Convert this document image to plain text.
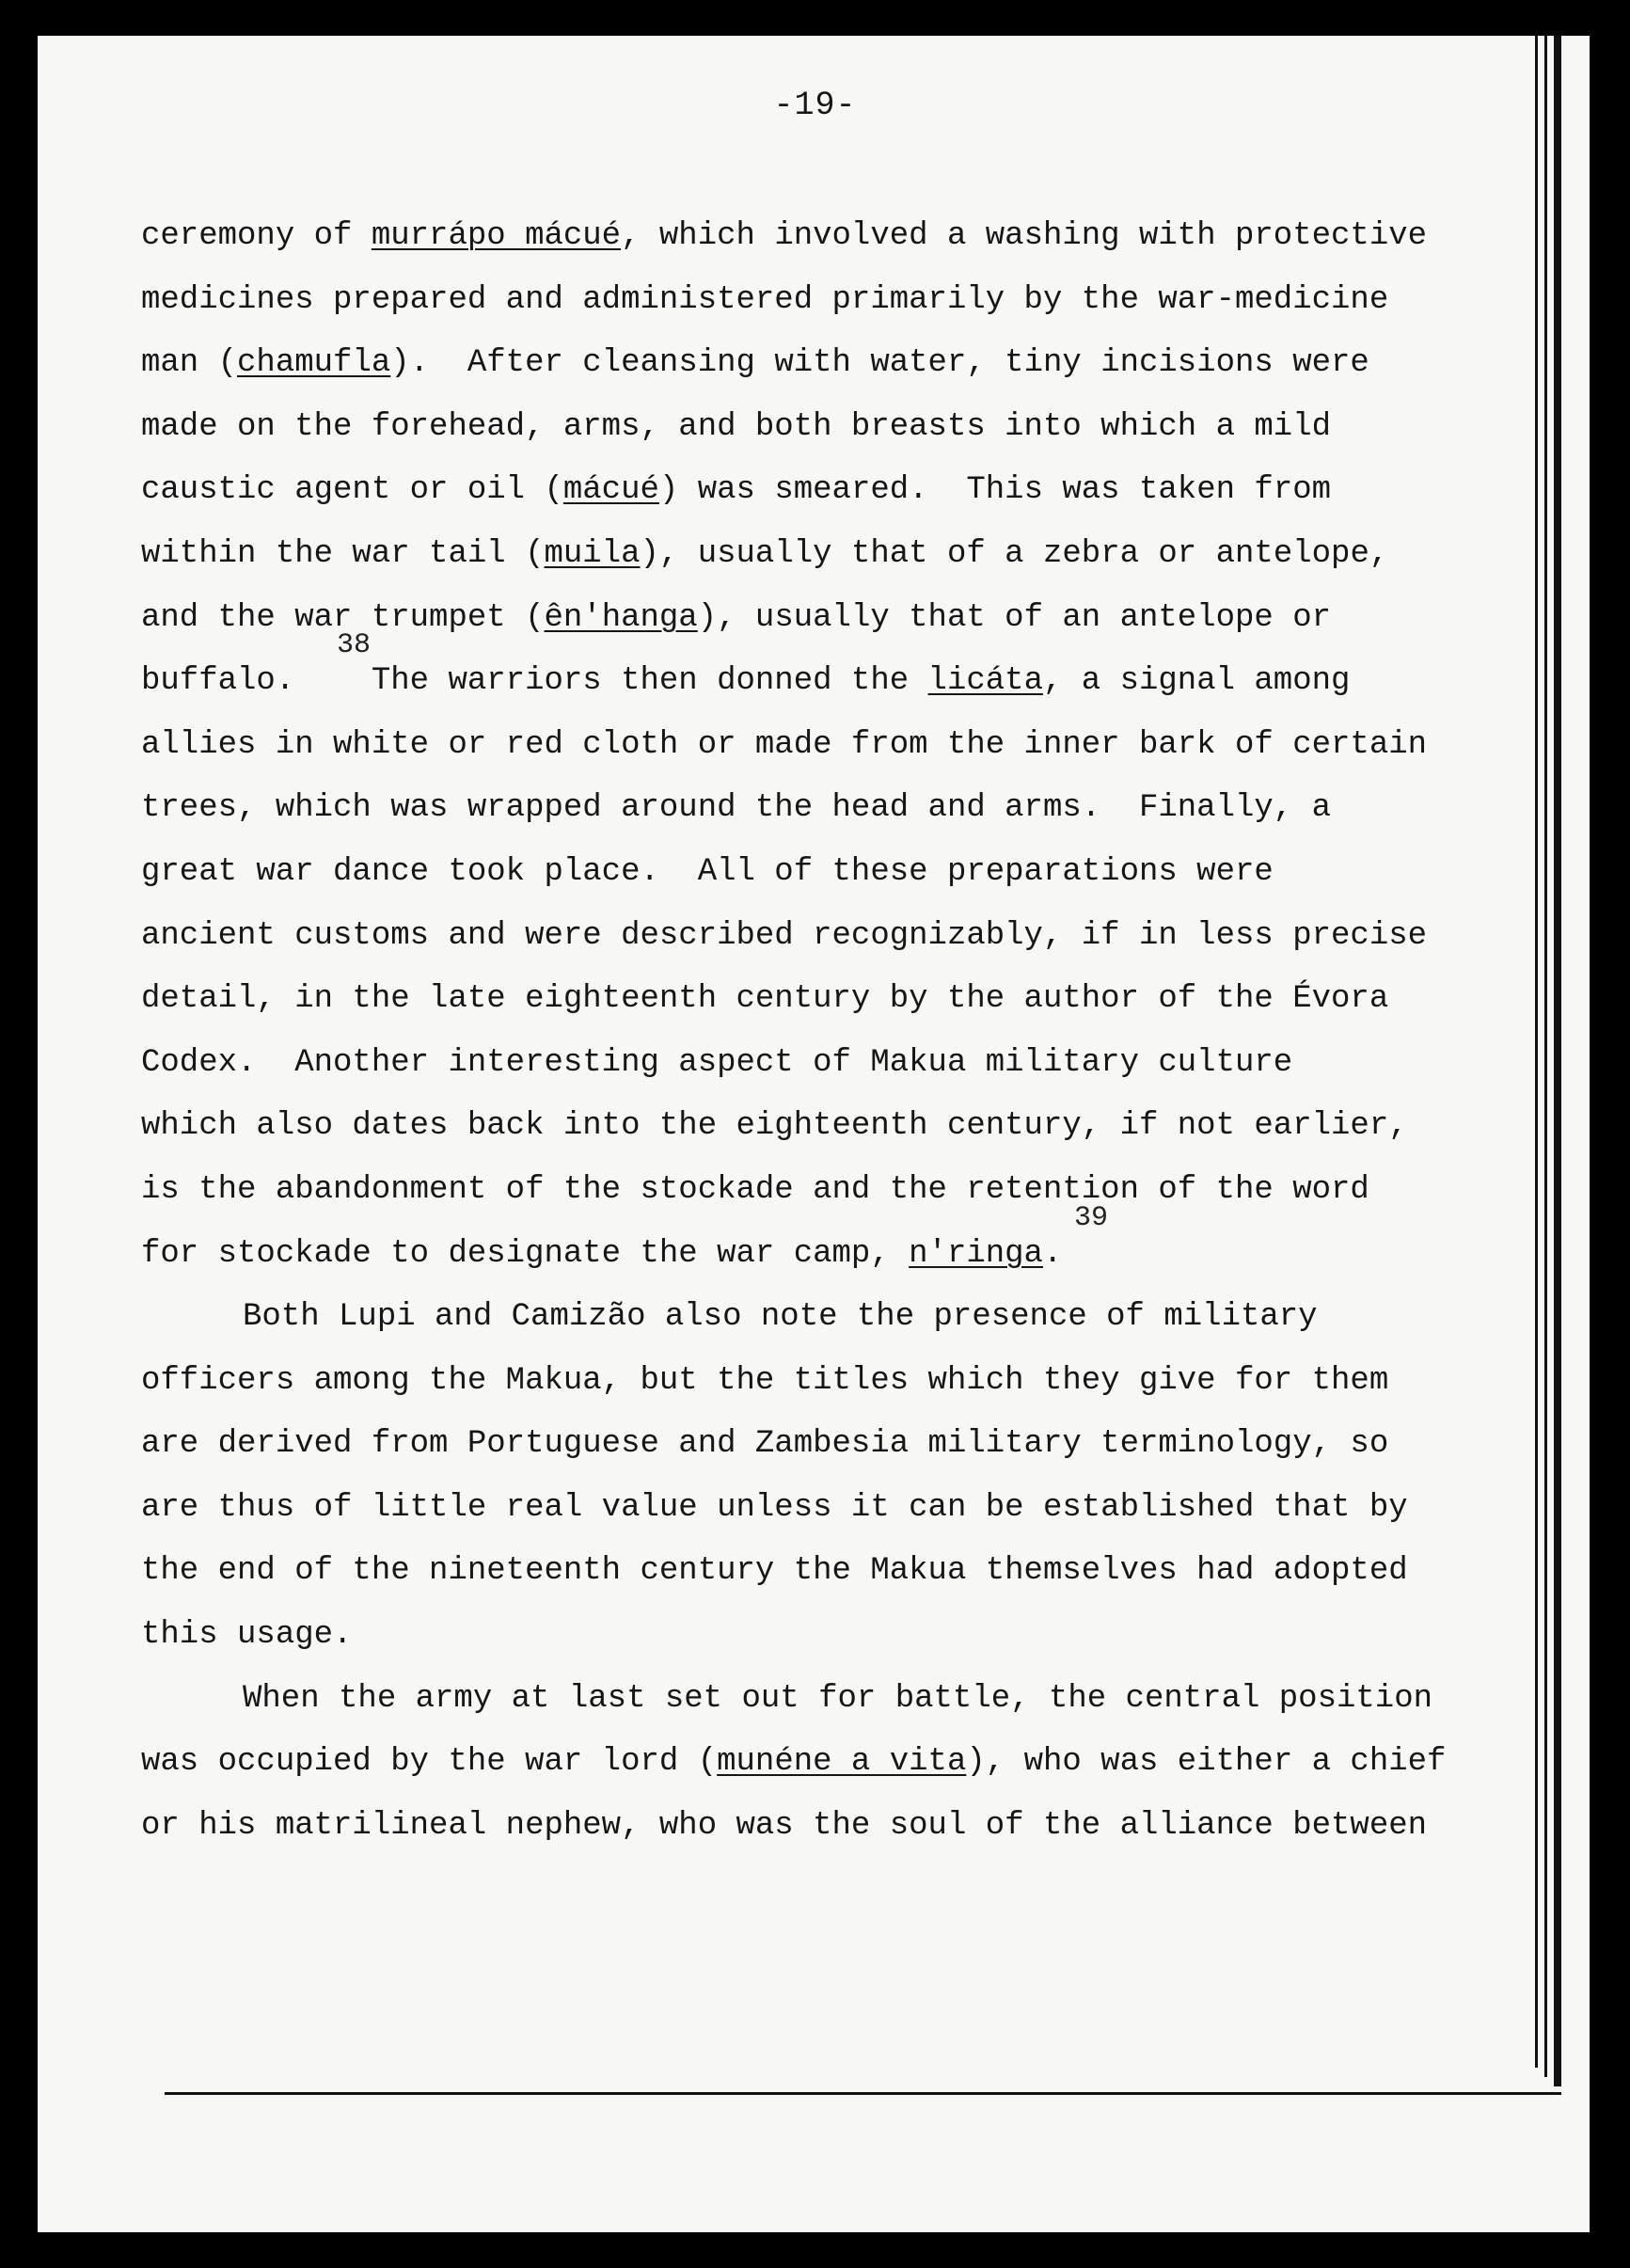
-19-
ceremony of murrápo mácué, which involved a washing with protective
medicines prepared and administered primarily by the war-medicine
man (chamufla).  After cleansing with water, tiny incisions were
made on the forehead, arms, and both breasts into which a mild
caustic agent or oil (mácué) was smeared.  This was taken from
within the war tail (muila), usually that of a zebra or antelope,
and the war trumpet (ên'hanga), usually that of an antelope or
buffalo.    The warriors then donned the licáta, a signal among
38
allies in white or red cloth or made from the inner bark of certain
trees, which was wrapped around the head and arms.  Finally, a
great war dance took place.  All of these preparations were
ancient customs and were described recognizably, if in less precise
detail, in the late eighteenth century by the author of the Évora
Codex.  Another interesting aspect of Makua military culture
which also dates back into the eighteenth century, if not earlier,
is the abandonment of the stockade and the retention of the word
for stockade to designate the war camp, n'ringa.
39
Both Lupi and Camizão also note the presence of military
officers among the Makua, but the titles which they give for them
are derived from Portuguese and Zambesia military terminology, so
are thus of little real value unless it can be established that by
the end of the nineteenth century the Makua themselves had adopted
this usage.
When the army at last set out for battle, the central position
was occupied by the war lord (munéne a vita), who was either a chief
or his matrilineal nephew, who was the soul of the alliance between
